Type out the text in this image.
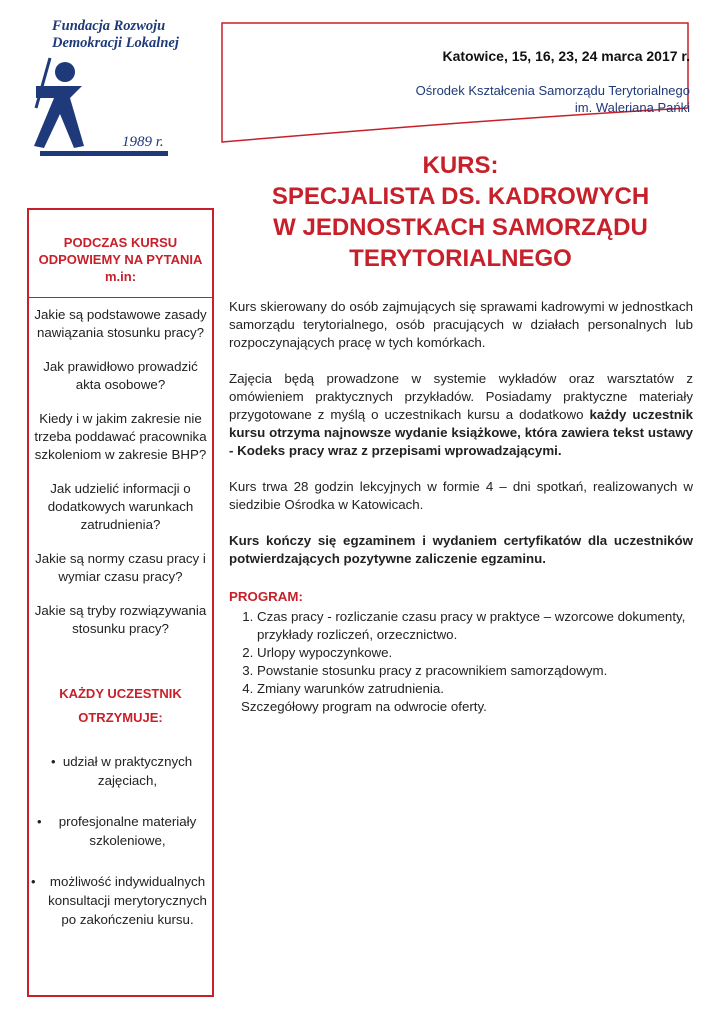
Fundacja Rozwoju
Demokracji Lokalnej
1989 r.
Katowice, 15, 16, 23, 24 marca 2017 r.
Ośrodek Kształcenia Samorządu Terytorialnego
im. Waleriana Pańki
KURS:
SPECJALISTA DS. KADROWYCH
W JEDNOSTKACH SAMORZĄDU
TERYTORIALNEGO

Kurs skierowany do osób zajmujących się sprawami kadrowymi w jednostkach samorządu terytorialnego, osób pracujących w działach personalnych lub rozpoczynających pracę w tych komórkach.

Zajęcia będą prowadzone w systemie wykładów oraz warsztatów z omówieniem praktycznych przykładów. Posiadamy praktyczne materiały przygotowane z myślą o uczestnikach kursu a dodatkowo każdy uczestnik kursu otrzyma najnowsze wydanie książkowe, która zawiera tekst ustawy - Kodeks pracy wraz z przepisami wprowadzającymi.

Kurs trwa 28 godzin lekcyjnych w formie 4 – dni spotkań, realizowanych w siedzibie Ośrodka w Katowicach.

Kurs kończy się egzaminem i wydaniem certyfikatów dla uczestników potwierdzających pozytywne zaliczenie egzaminu.

PROGRAM:

1. Czas pracy - rozliczanie czasu pracy w praktyce – wzorcowe dokumenty, przykłady rozliczeń, orzecznictwo.
2. Urlopy wypoczynkowe.
3. Powstanie stosunku pracy z pracownikiem samorządowym.
4. Zmiany warunków zatrudnienia.

Szczegółowy program na odwrocie oferty.

PODCZAS KURSU ODPOWIEMY NA PYTANIA m.in:
Jakie są podstawowe zasady nawiązania stosunku pracy?
Jak prawidłowo prowadzić akta osobowe?
Kiedy i w jakim zakresie nie trzeba poddawać pracownika szkoleniom w zakresie BHP?
Jak udzielić informacji o dodatkowych warunkach zatrudnienia?
Jakie są normy czasu pracy i wymiar czasu pracy?
Jakie są tryby rozwiązywania stosunku pracy?
KAŻDY UCZESTNIK
OTRZYMUJE:
• udział w praktycznych zajęciach,
• profesjonalne materiały szkoleniowe,
• możliwość indywidualnych konsultacji merytorycznych po zakończeniu kursu.
